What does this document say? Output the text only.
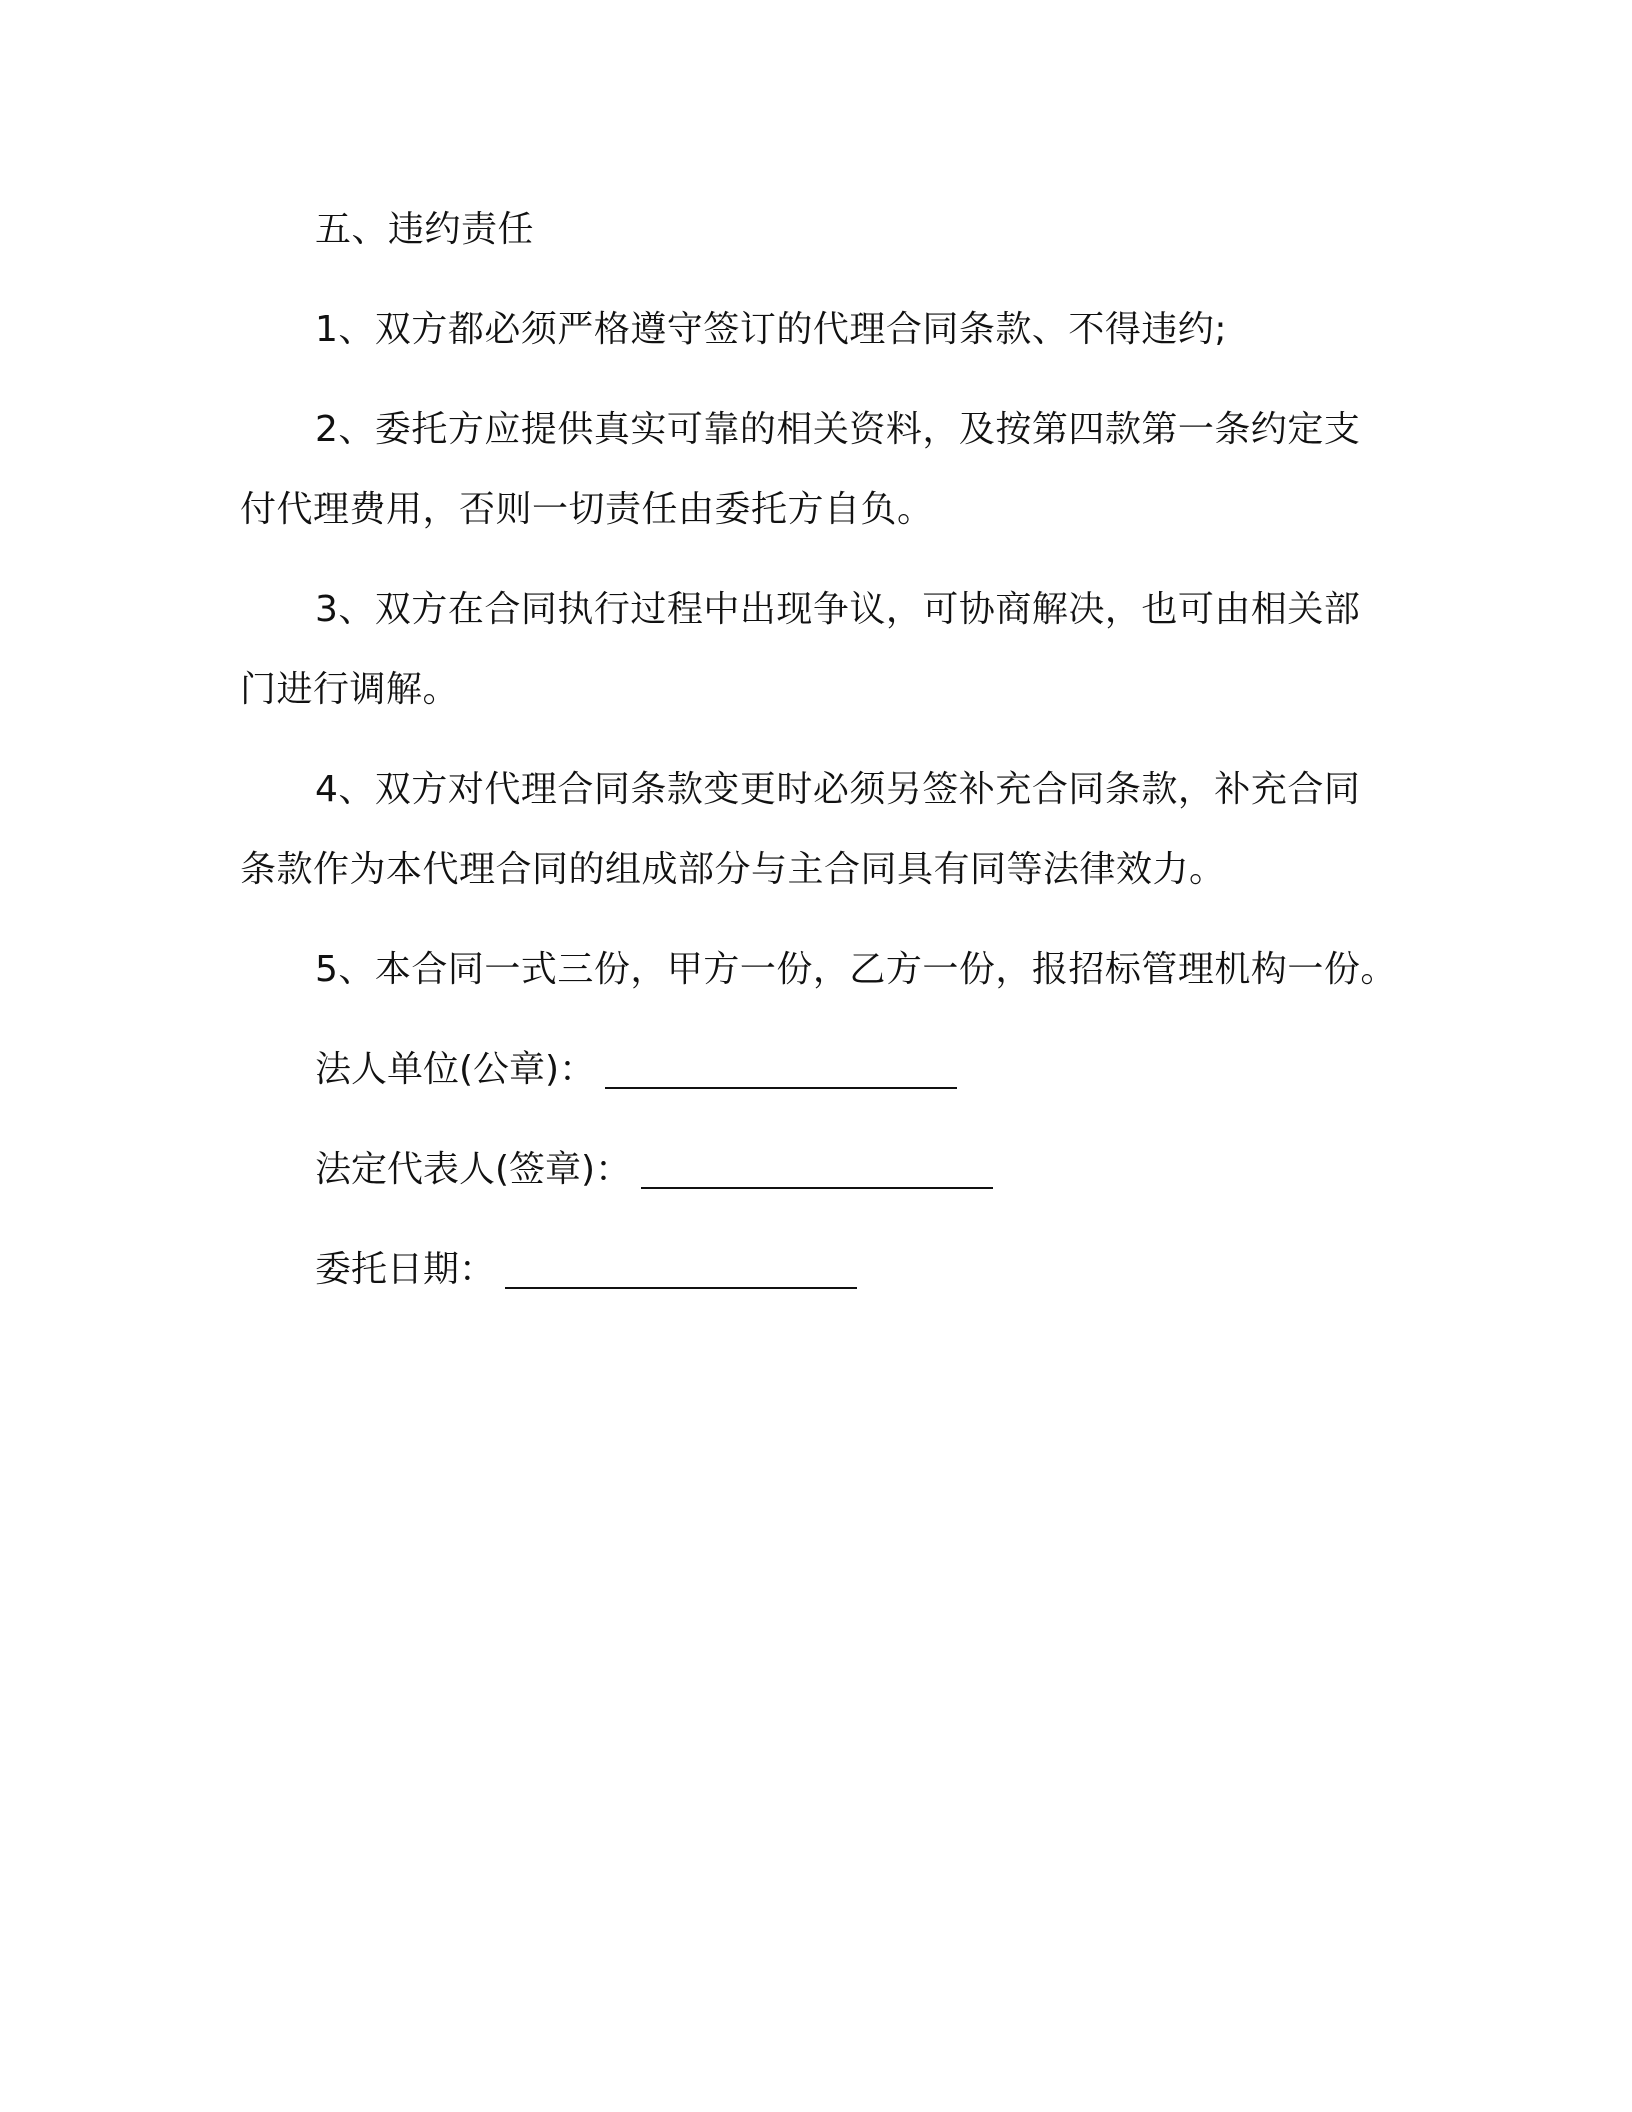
五、违约责任
1、双方都必须严格遵守签订的代理合同条款、不得违约;
2、委托方应提供真实可靠的相关资料，及按第四款第一条约定支
付代理费用，否则一切责任由委托方自负。
3、双方在合同执行过程中出现争议，可协商解决，也可由相关部
门进行调解。
4、双方对代理合同条款变更时必须另签补充合同条款，补充合同
条款作为本代理合同的组成部分与主合同具有同等法律效力。
5、本合同一式三份，甲方一份，乙方一份，报招标管理机构一份。
法人单位(公章)：
法定代表人(签章)：
委托日期：
